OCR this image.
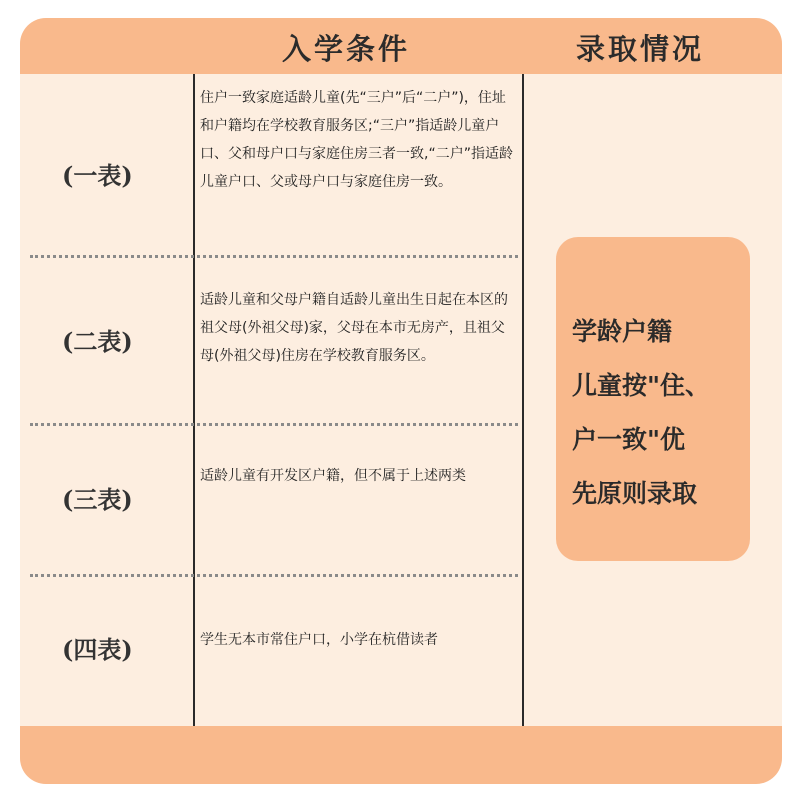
入学条件	录取情况
(一表)
住户一致家庭适龄儿童(先“三户”后“二户”)，住址和户籍均在学校教育服务区;“三户”指适龄儿童户口、父和母户口与家庭住房三者一致,“二户”指适龄儿童户口、父或母户口与家庭住房一致。
(二表)
适龄儿童和父母户籍自适龄儿童出生日起在本区的祖父母(外祖父母)家，父母在本市无房产，且祖父母(外祖父母)住房在学校教育服务区。
(三表)
适龄儿童有开发区户籍，但不属于上述两类
(四表)	学生无本市常住户口，小学在杭借读者
学龄户籍
儿童按"住、
户一致"优
先原则录取
